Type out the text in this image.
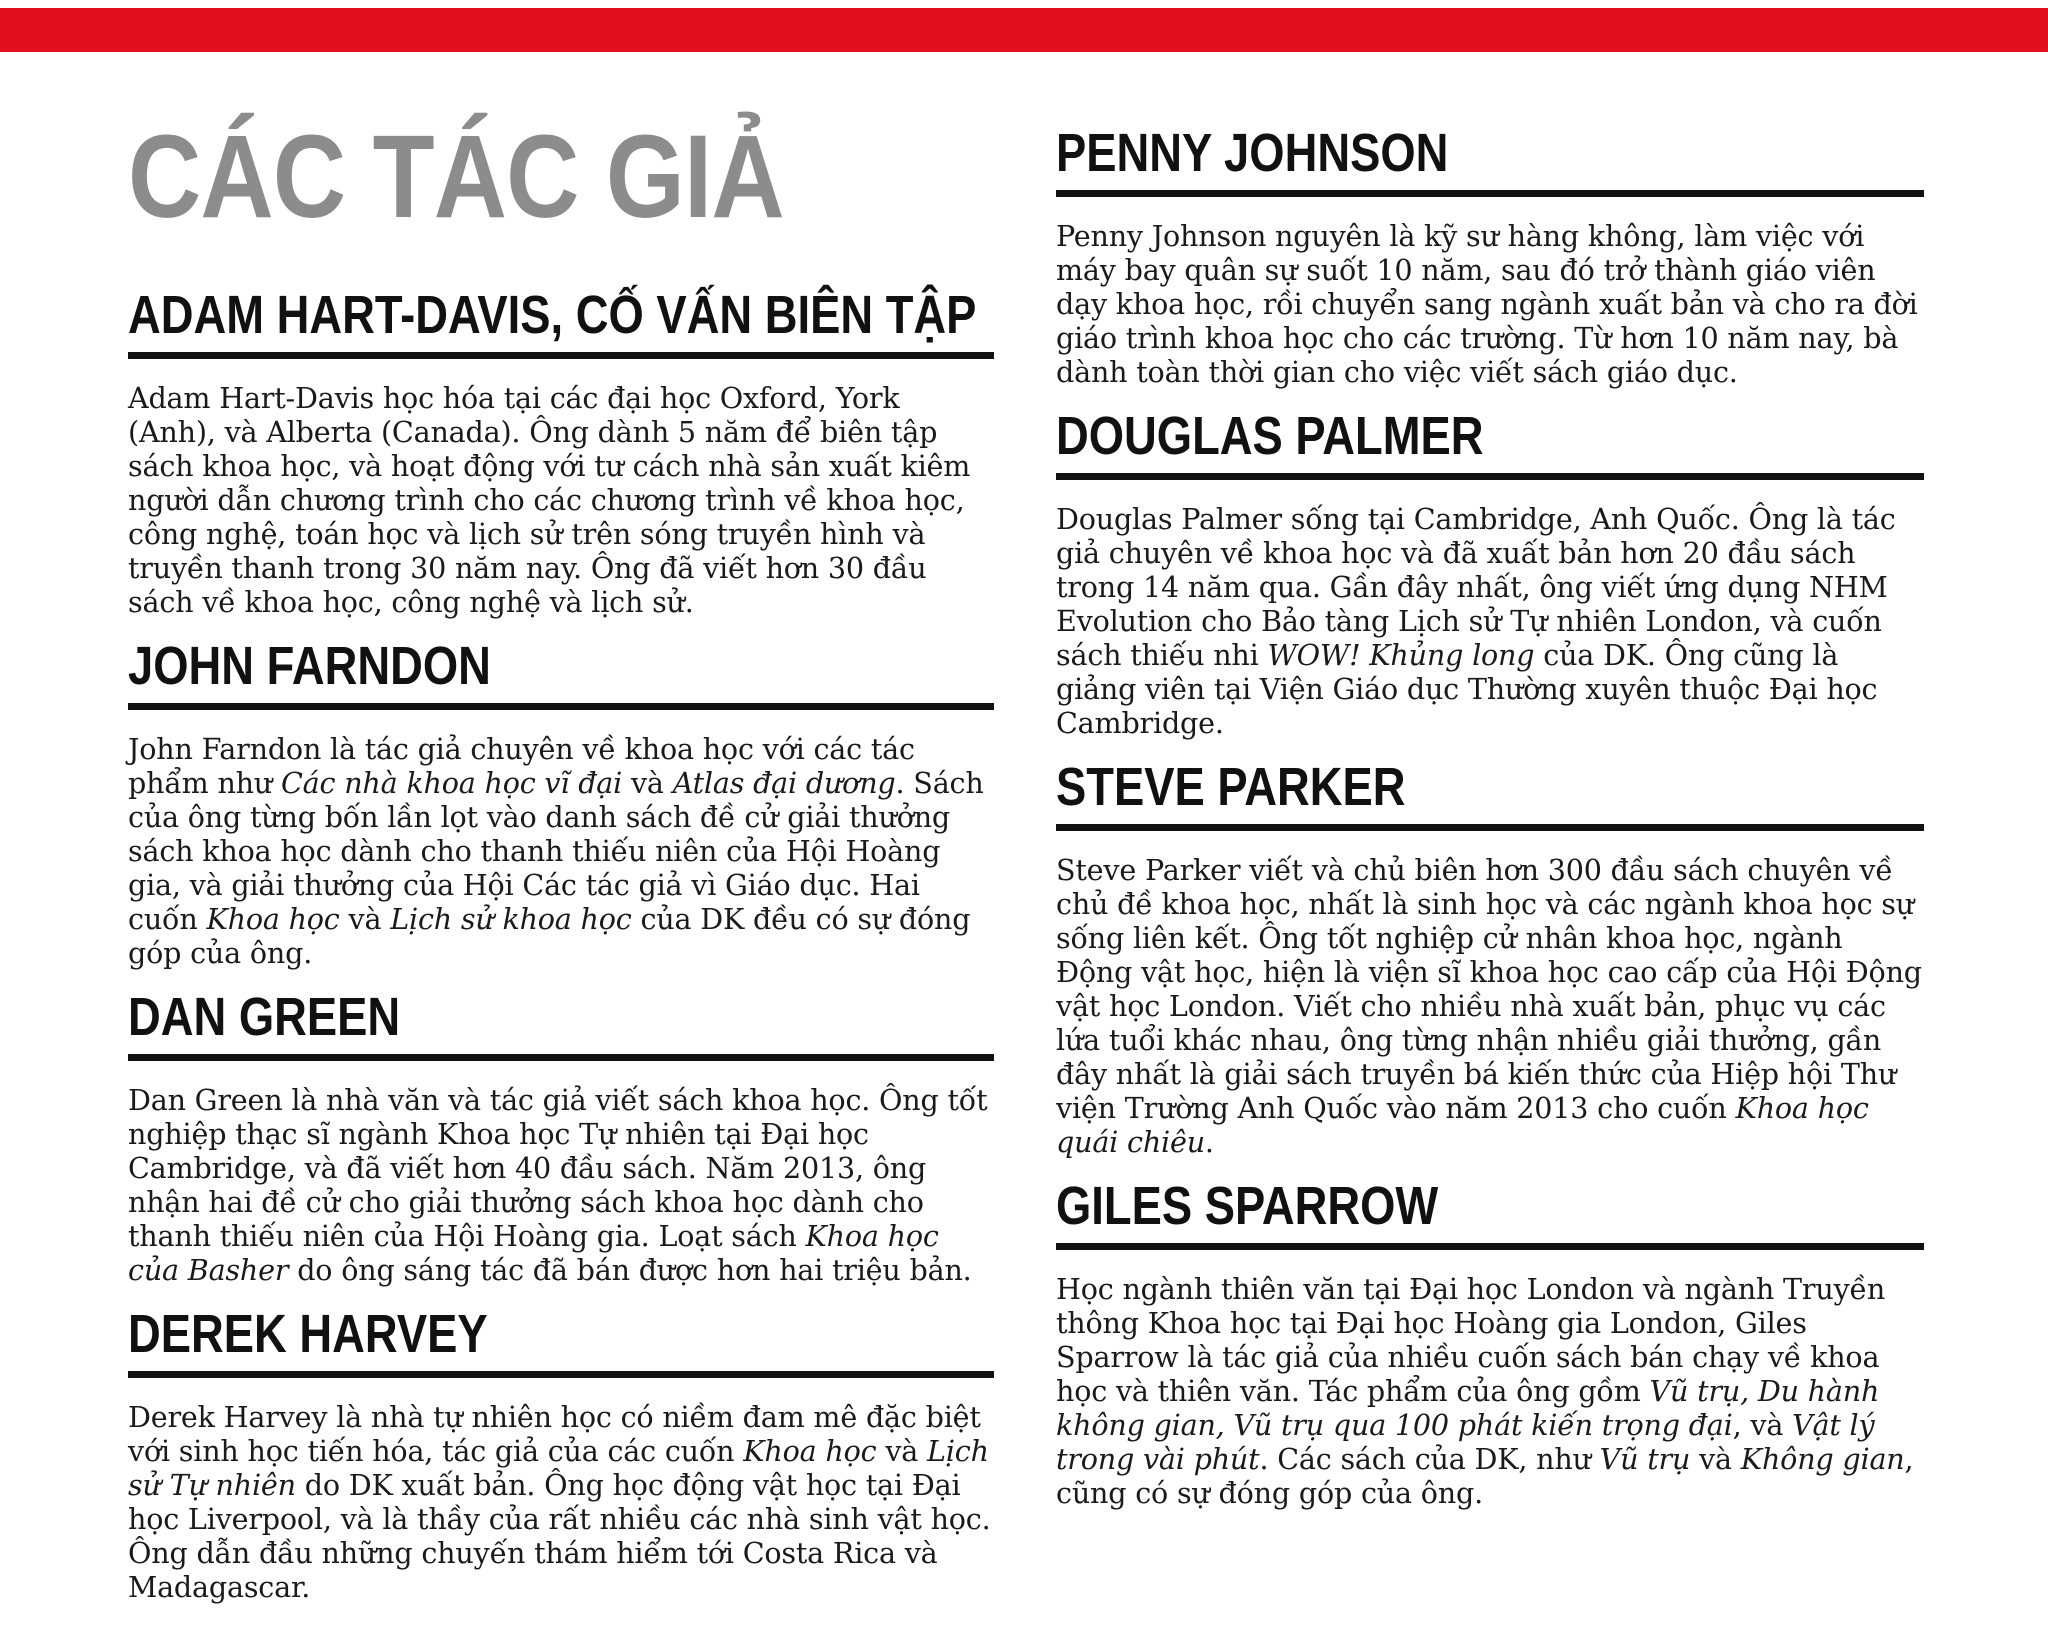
CÁC TÁC GIẢ
ADAM HART-DAVIS, CỐ VẤN BIÊN TẬP

Adam Hart-Davis học hóa tại các đại học Oxford, York (Anh), và Alberta (Canada). Ông dành 5 năm để biên tập sách khoa học, và hoạt động với tư cách nhà sản xuất kiêm người dẫn chương trình cho các chương trình về khoa học, công nghệ, toán học và lịch sử trên sóng truyền hình và truyền thanh trong 30 năm nay. Ông đã viết hơn 30 đầu sách về khoa học, công nghệ và lịch sử.

JOHN FARNDON

John Farndon là tác giả chuyên về khoa học với các tác phẩm như Các nhà khoa học vĩ đại và Atlas đại dương. Sách của ông từng bốn lần lọt vào danh sách đề cử giải thưởng sách khoa học dành cho thanh thiếu niên của Hội Hoàng gia, và giải thưởng của Hội Các tác giả vì Giáo dục. Hai cuốn Khoa học và Lịch sử khoa học của DK đều có sự đóng góp của ông.

DAN GREEN

Dan Green là nhà văn và tác giả viết sách khoa học. Ông tốt nghiệp thạc sĩ ngành Khoa học Tự nhiên tại Đại học Cambridge, và đã viết hơn 40 đầu sách. Năm 2013, ông nhận hai đề cử cho giải thưởng sách khoa học dành cho thanh thiếu niên của Hội Hoàng gia. Loạt sách Khoa học của Basher do ông sáng tác đã bán được hơn hai triệu bản.

DEREK HARVEY

Derek Harvey là nhà tự nhiên học có niềm đam mê đặc biệt với sinh học tiến hóa, tác giả của các cuốn Khoa học và Lịch sử Tự nhiên do DK xuất bản. Ông học động vật học tại Đại học Liverpool, và là thầy của rất nhiều các nhà sinh vật học. Ông dẫn đầu những chuyến thám hiểm tới Costa Rica và Madagascar.

PENNY JOHNSON

Penny Johnson nguyên là kỹ sư hàng không, làm việc với máy bay quân sự suốt 10 năm, sau đó trở thành giáo viên dạy khoa học, rồi chuyển sang ngành xuất bản và cho ra đời giáo trình khoa học cho các trường. Từ hơn 10 năm nay, bà dành toàn thời gian cho việc viết sách giáo dục.

DOUGLAS PALMER

Douglas Palmer sống tại Cambridge, Anh Quốc. Ông là tác giả chuyên về khoa học và đã xuất bản hơn 20 đầu sách trong 14 năm qua. Gần đây nhất, ông viết ứng dụng NHM Evolution cho Bảo tàng Lịch sử Tự nhiên London, và cuốn sách thiếu nhi WOW! Khủng long của DK. Ông cũng là giảng viên tại Viện Giáo dục Thường xuyên thuộc Đại học Cambridge.

STEVE PARKER

Steve Parker viết và chủ biên hơn 300 đầu sách chuyên về chủ đề khoa học, nhất là sinh học và các ngành khoa học sự sống liên kết. Ông tốt nghiệp cử nhân khoa học, ngành Động vật học, hiện là viện sĩ khoa học cao cấp của Hội Động vật học London. Viết cho nhiều nhà xuất bản, phục vụ các lứa tuổi khác nhau, ông từng nhận nhiều giải thưởng, gần đây nhất là giải sách truyền bá kiến thức của Hiệp hội Thư viện Trường Anh Quốc vào năm 2013 cho cuốn Khoa học quái chiêu.

GILES SPARROW

Học ngành thiên văn tại Đại học London và ngành Truyền thông Khoa học tại Đại học Hoàng gia London, Giles Sparrow là tác giả của nhiều cuốn sách bán chạy về khoa học và thiên văn. Tác phẩm của ông gồm Vũ trụ, Du hành không gian, Vũ trụ qua 100 phát kiến trọng đại, và Vật lý trong vài phút. Các sách của DK, như Vũ trụ và Không gian, cũng có sự đóng góp của ông.
